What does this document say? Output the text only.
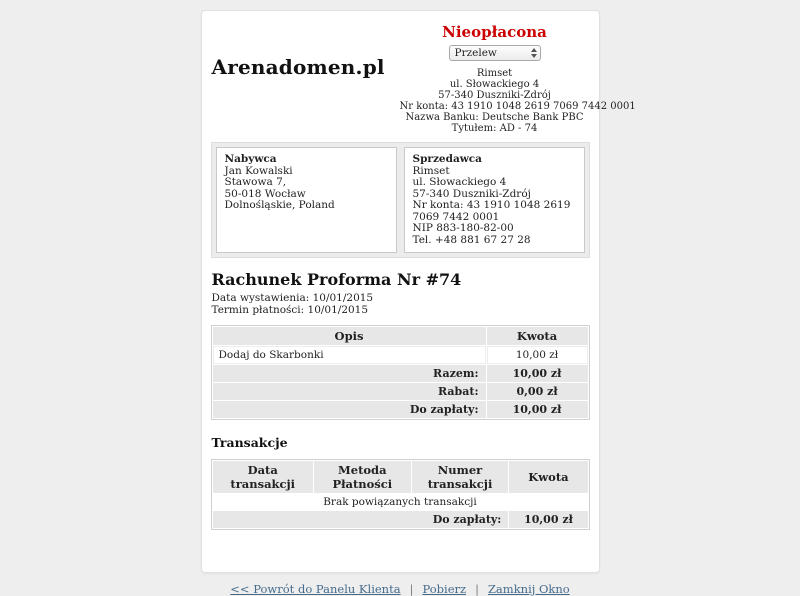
Arenadomen.pl
Nieopłacona
Przelew
Rimset
ul. Słowackiego 4
57-340 Duszniki-Zdrój
Nr konta: 43 1910 1048 2619 7069 7442 0001
Nazwa Banku: Deutsche Bank PBC
Tytułem: AD - 74
Nabywca
Jan Kowalski
Stawowa 7,
50-018 Wocław
Dolnośląskie, Poland
Sprzedawca
Rimset
ul. Słowackiego 4
57-340 Duszniki-Zdrój
Nr konta: 43 1910 1048 2619 7069 7442 0001
NIP 883-180-82-00
Tel. +48 881 67 27 28
Rachunek Proforma Nr #74
Data wystawienia: 10/01/2015
Termin płatności: 10/01/2015
Opis	Kwota
Dodaj do Skarbonki	10,00 zł
Razem:	10,00 zł
Rabat:	0,00 zł
Do zapłaty:	10,00 zł
Transakcje
Data transakcji	Metoda Płatności	Numer transakcji	Kwota
Brak powiązanych transakcji			
Do zapłaty:			10,00 zł
<< Powrót do Panelu Klienta | Pobierz | Zamknij Okno
